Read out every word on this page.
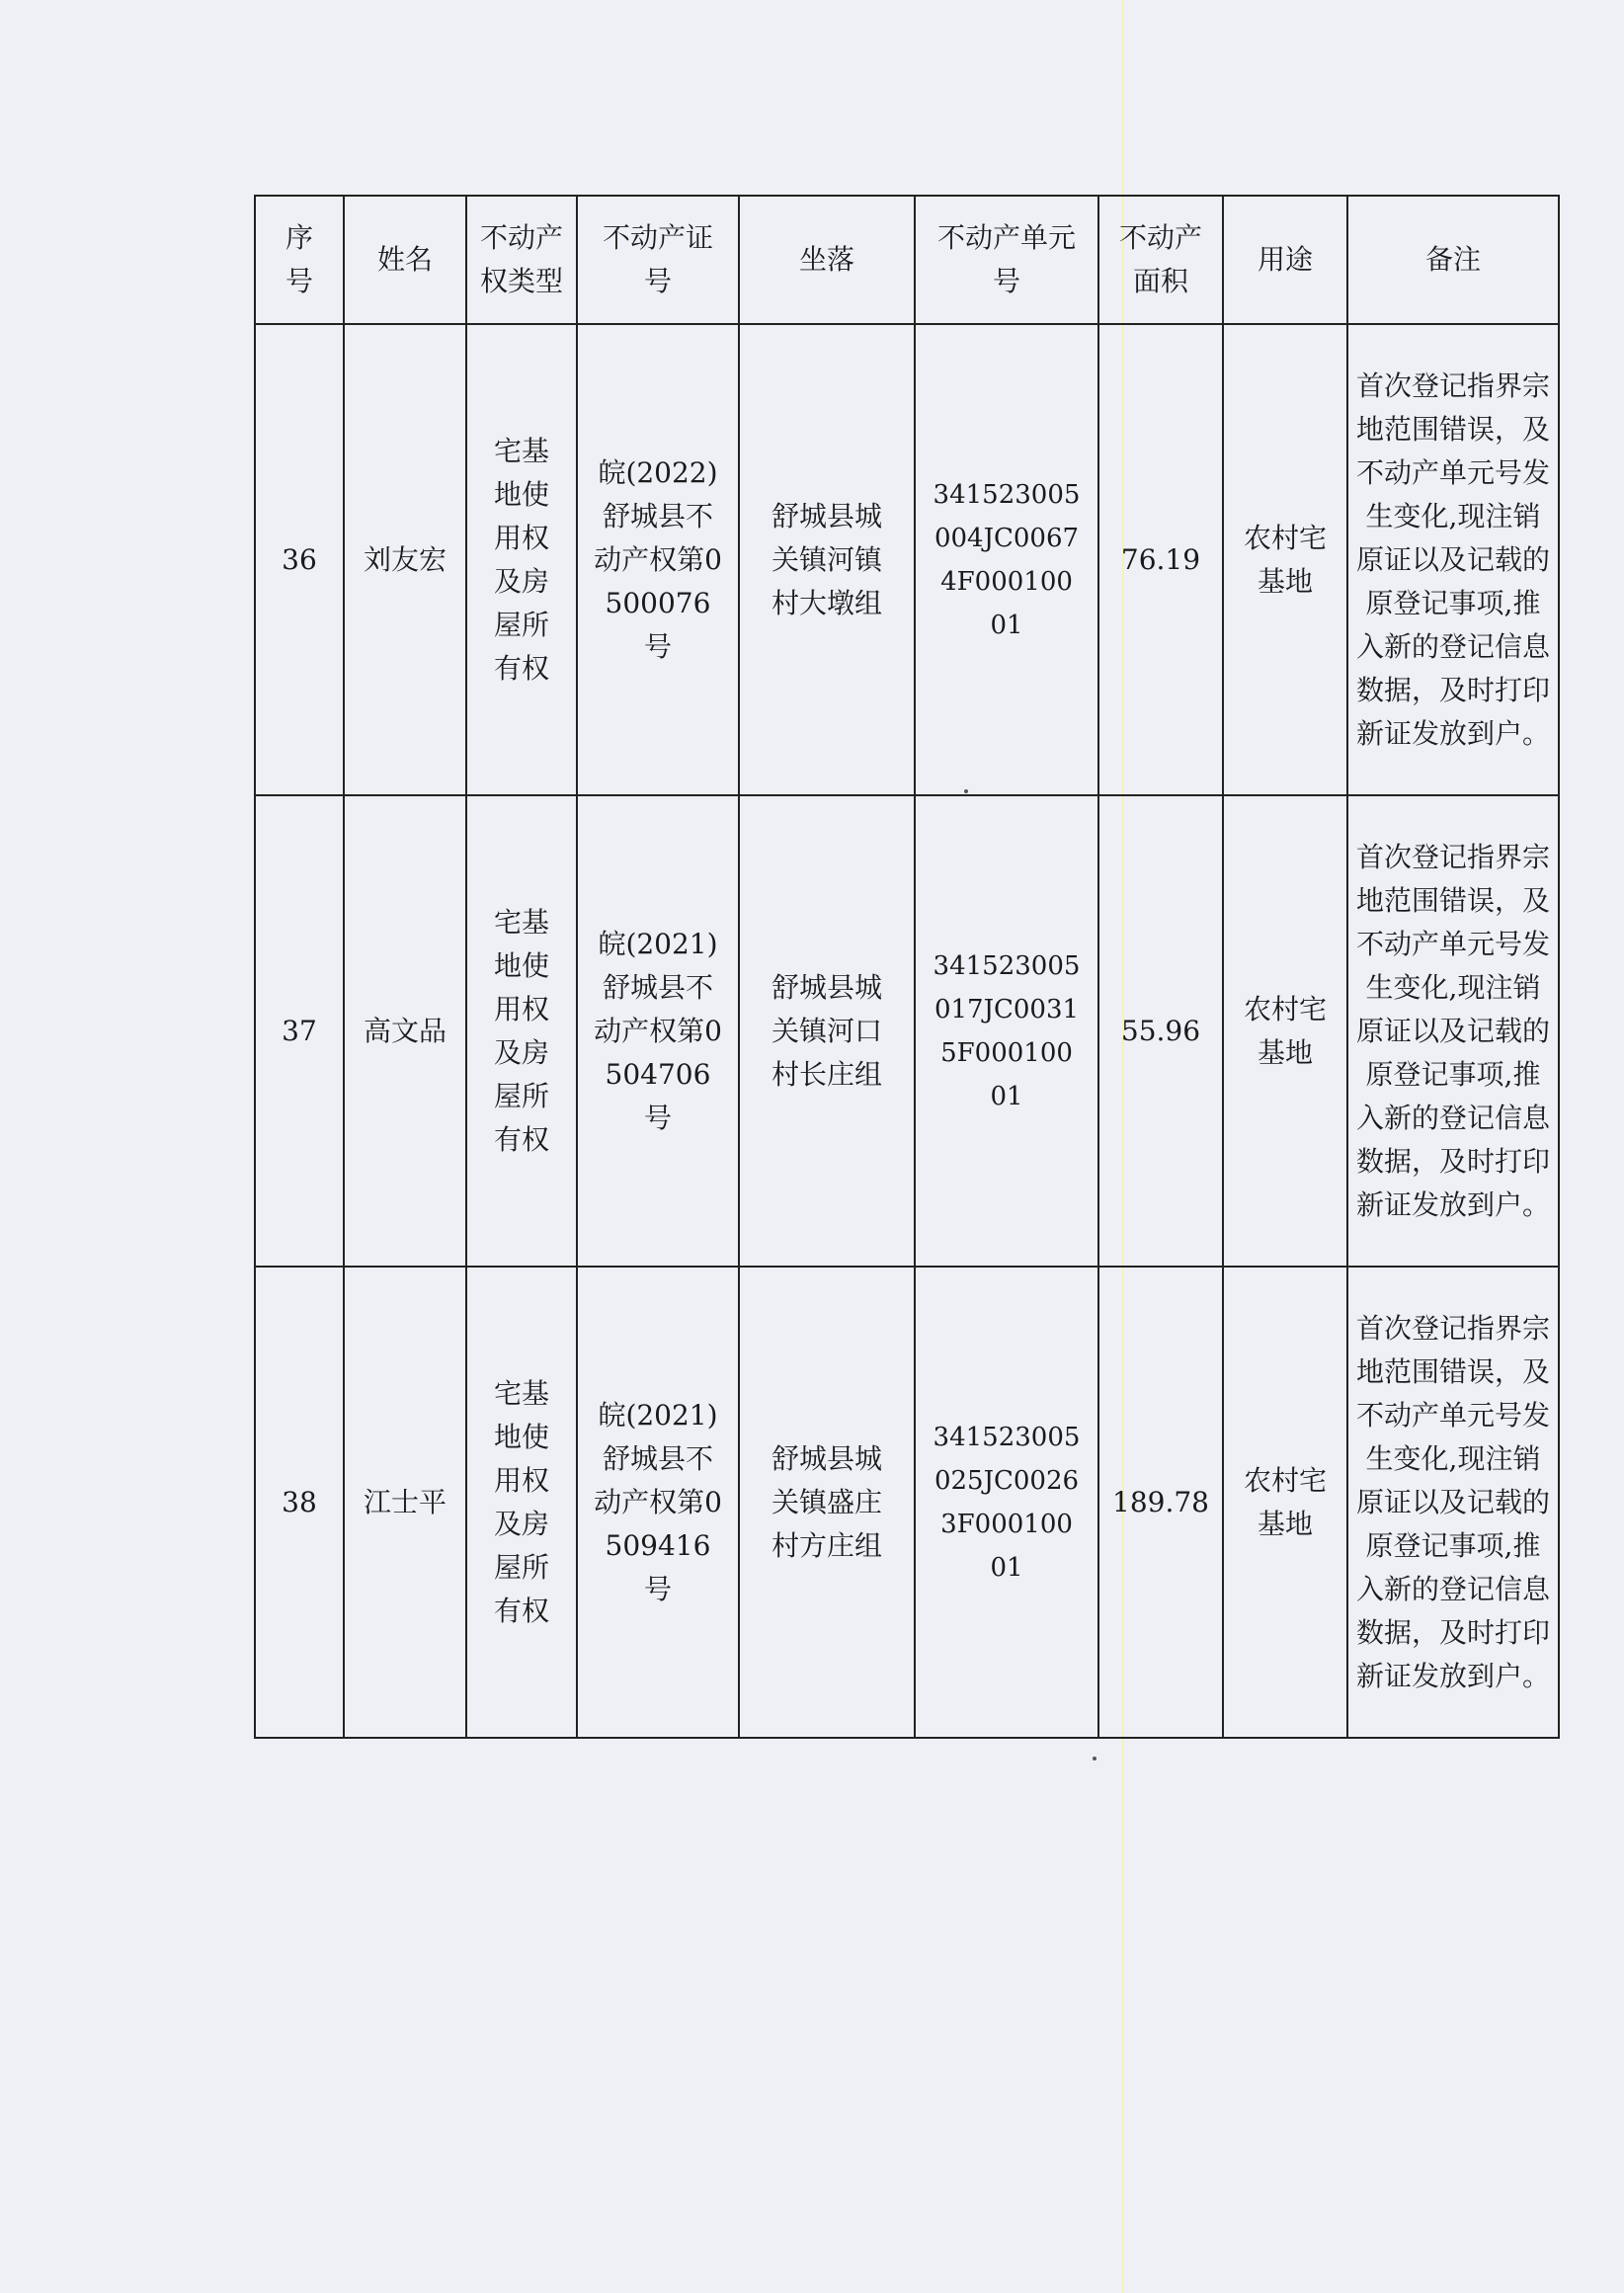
序号	姓名	不动产权类型	不动产证号	坐落	不动产单元号	不动产面积	用途	备注
36	刘友宏	宅基地使用权及房屋所有权	皖(2022)舒城县不动产权第0500076号	舒城县城关镇河镇村大墩组	341523005004JC00674F00010001	76.19	农村宅基地	首次登记指界宗地范围错误，及不动产单元号发生变化,现注销原证以及记载的原登记事项,推入新的登记信息数据，及时打印新证发放到户。
37	高文品	宅基地使用权及房屋所有权	皖(2021)舒城县不动产权第0504706号	舒城县城关镇河口村长庄组	341523005017JC00315F00010001	55.96	农村宅基地	首次登记指界宗地范围错误，及不动产单元号发生变化,现注销原证以及记载的原登记事项,推入新的登记信息数据，及时打印新证发放到户。
38	江士平	宅基地使用权及房屋所有权	皖(2021)舒城县不动产权第0509416号	舒城县城关镇盛庄村方庄组	341523005025JC00263F00010001	189.78	农村宅基地	首次登记指界宗地范围错误，及不动产单元号发生变化,现注销原证以及记载的原登记事项,推入新的登记信息数据，及时打印新证发放到户。
